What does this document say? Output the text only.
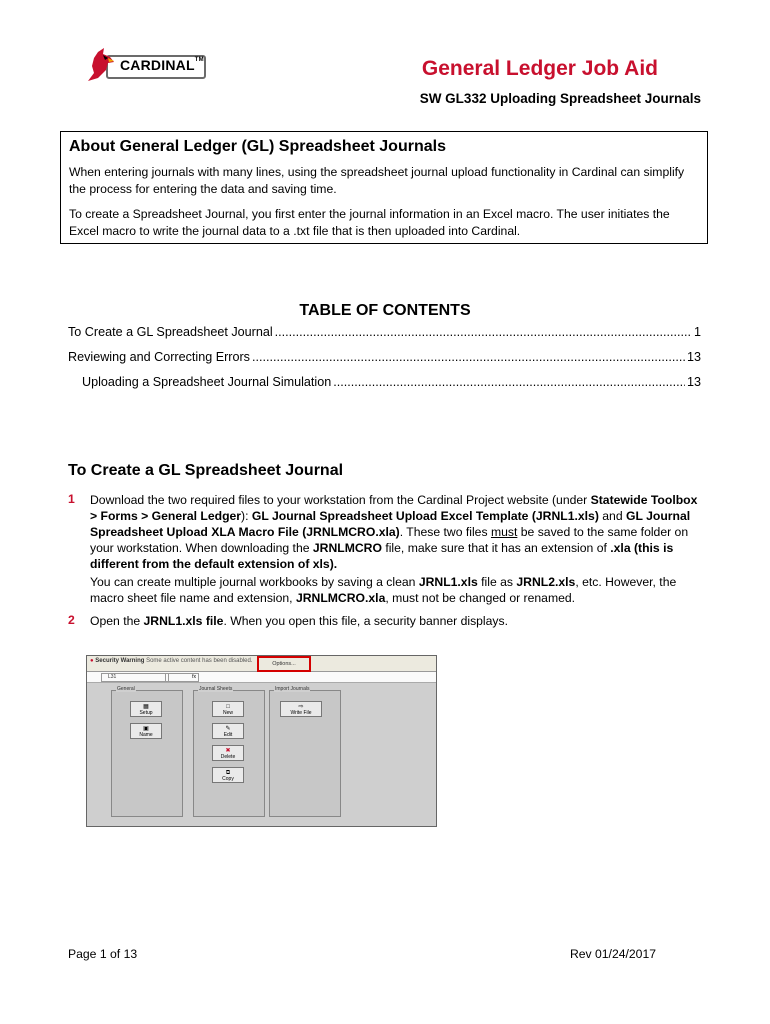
CARDINAL™	General Ledger Job Aid
SW GL332 Uploading Spreadsheet Journals
About General Ledger (GL) Spreadsheet Journals

When entering journals with many lines, using the spreadsheet journal upload functionality in Cardinal can simplify the process for entering the data and saving time.

To create a Spreadsheet Journal, you first enter the journal information in an Excel macro. The user initiates the Excel macro to write the journal data to a .txt file that is then uploaded into Cardinal.

TABLE OF CONTENTS
To Create a GL Spreadsheet Journal .....	1
Reviewing and Correcting Errors .....	13
Uploading a Spreadsheet Journal Simulation .....	13
To Create a GL Spreadsheet Journal
1 Download the two required files to your workstation from the Cardinal Project website (under Statewide Toolbox > Forms > General Ledger): GL Journal Spreadsheet Upload Excel Template (JRNL1.xls) and GL Journal Spreadsheet Upload XLA Macro File (JRNLMCRO.xla). These two files must be saved to the same folder on your workstation. When downloading the JRNLMCRO file, make sure that it has an extension of .xla (this is different from the default extension of xls).
You can create multiple journal workbooks by saving a clean JRNL1.xls file as JRNL2.xls, etc. However, the macro sheet file name and extension, JRNLMCRO.xla, must not be changed or renamed.
2 Open the JRNL1.xls file. When you open this file, a security banner displays.
● Security Warning Some active content has been disabled.	Options...
L31	fx
General
▦
Setup
▣
Name
Journal Sheets
□
New
✎
Edit
✖
Delete
⧉
Copy
Import Journals
⇨
Write File
Page 1 of 13	Rev 01/24/2017
